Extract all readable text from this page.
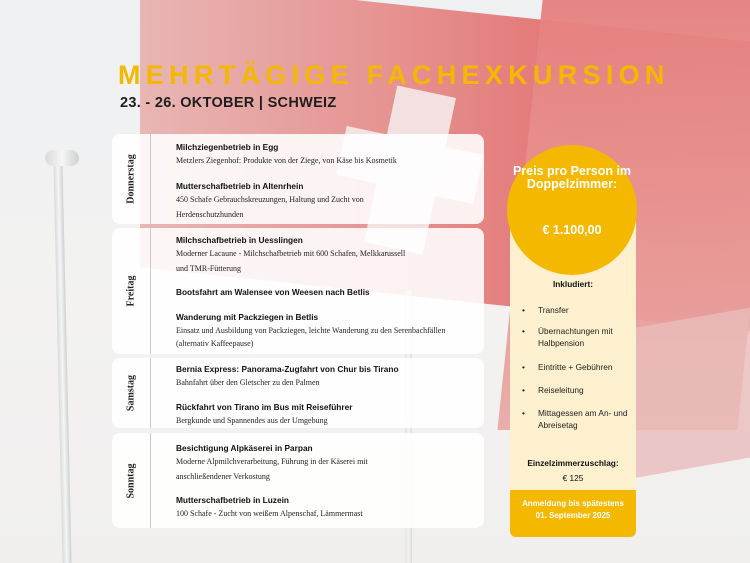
MEHRTÄGIGE FACHEXKURSION
23. - 26. OKTOBER | SCHWEIZ
Donnerstag
Milchziegenbetrieb in Egg
Metzlers Ziegenhof: Produkte von der Ziege, von Käse bis Kosmetik
Mutterschafbetrieb in Altenrhein
450 Schafe Gebrauchskreuzungen, Haltung und Zucht von Herdenschutzhunden
Freitag
Milchschafbetrieb in Uesslingen
Moderner Lacaune - Milchschafbetrieb mit 600 Schafen, Melkkarussell und TMR-Fütterung
Bootsfahrt am Walensee von Weesen nach Betlis
Wanderung mit Packziegen in Betlis
Einsatz und Ausbildung von Packziegen, leichte Wanderung zu den Serenbachfällen (alternativ Kaffeepause)
Samstag
Bernia Express: Panorama-Zugfahrt von Chur bis Tirano
Bahnfahrt über den Gletscher zu den Palmen
Rückfahrt von Tirano im Bus mit Reiseführer
Bergkunde und Spannendes aus der Umgebung
Sonntag
Besichtigung Alpkäserei in Parpan
Moderne Alpmilchverarbeitung, Führung in der Käserei mit anschließendener Verkostung
Mutterschafbetrieb in Luzein
100 Schafe - Zucht von weißem Alpenschaf, Lämmermast
Preis pro Person im Doppelzimmer:
€ 1.100,00
Inkludiert:
• Transfer
• Übernachtungen mit Halbpension
• Eintritte + Gebühren
• Reiseleitung
• Mittagessen am An- und Abreisetag
Einzelzimmerzuschlag:
€ 125
Anmeldung bis spätestens
01. September 2025
